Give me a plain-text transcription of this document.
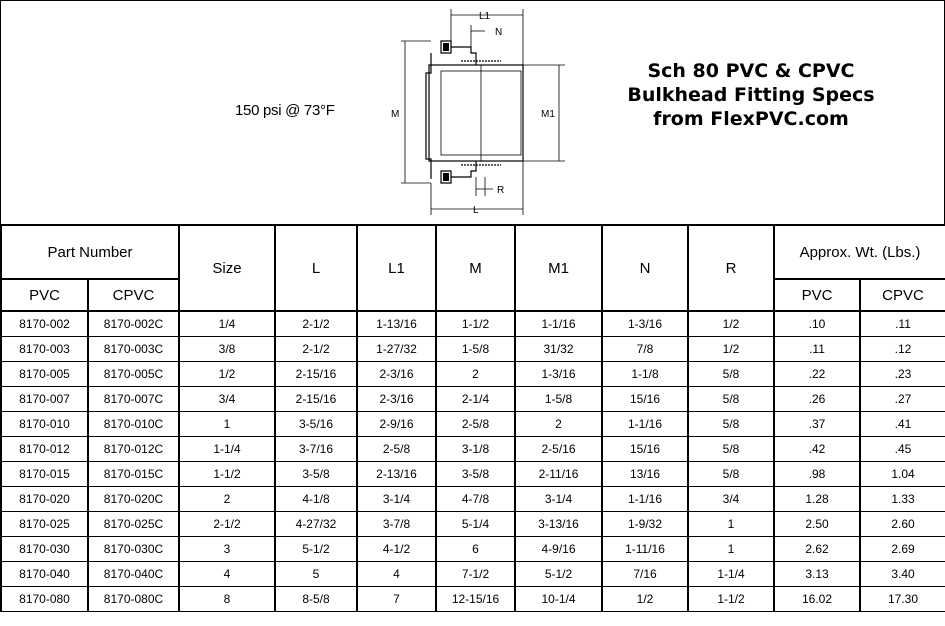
150 psi @ 73°F
L1
N
M	M1
R
L
Sch 80 PVC & CPVC
Bulkhead Fitting Specs
from FlexPVC.com
Part Number		Size	L	L1	M	M1	N	R	Approx. Wt. (Lbs.)	
PVC	CPVC								PVC	CPVC
8170-002	8170-002C	1/4	2-1/2	1-13/16	1-1/2	1-1/16	1-3/16	1/2	.10	.11
8170-003	8170-003C	3/8	2-1/2	1-27/32	1-5/8	31/32	7/8	1/2	.11	.12
8170-005	8170-005C	1/2	2-15/16	2-3/16	2	1-3/16	1-1/8	5/8	.22	.23
8170-007	8170-007C	3/4	2-15/16	2-3/16	2-1/4	1-5/8	15/16	5/8	.26	.27
8170-010	8170-010C	1	3-5/16	2-9/16	2-5/8	2	1-1/16	5/8	.37	.41
8170-012	8170-012C	1-1/4	3-7/16	2-5/8	3-1/8	2-5/16	15/16	5/8	.42	.45
8170-015	8170-015C	1-1/2	3-5/8	2-13/16	3-5/8	2-11/16	13/16	5/8	.98	1.04
8170-020	8170-020C	2	4-1/8	3-1/4	4-7/8	3-1/4	1-1/16	3/4	1.28	1.33
8170-025	8170-025C	2-1/2	4-27/32	3-7/8	5-1/4	3-13/16	1-9/32	1	2.50	2.60
8170-030	8170-030C	3	5-1/2	4-1/2	6	4-9/16	1-11/16	1	2.62	2.69
8170-040	8170-040C	4	5	4	7-1/2	5-1/2	7/16	1-1/4	3.13	3.40
8170-080	8170-080C	8	8-5/8	7	12-15/16	10-1/4	1/2	1-1/2	16.02	17.30
